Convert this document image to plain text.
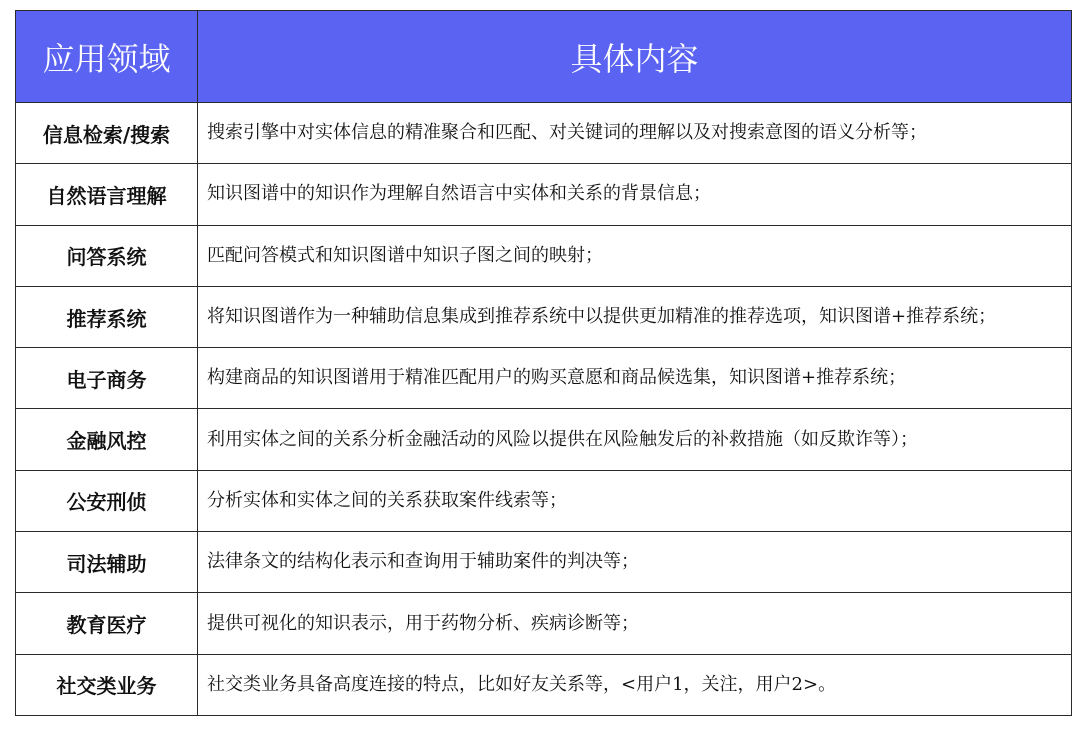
应用领域	具体内容
信息检索/搜索	搜索引擎中对实体信息的精准聚合和匹配、对关键词的理解以及对搜索意图的语义分析等；
自然语言理解	知识图谱中的知识作为理解自然语言中实体和关系的背景信息；
问答系统	匹配问答模式和知识图谱中知识子图之间的映射；
推荐系统	将知识图谱作为一种辅助信息集成到推荐系统中以提供更加精准的推荐选项，知识图谱+推荐系统；
电子商务	构建商品的知识图谱用于精准匹配用户的购买意愿和商品候选集，知识图谱+推荐系统；
金融风控	利用实体之间的关系分析金融活动的风险以提供在风险触发后的补救措施（如反欺诈等）；
公安刑侦	分析实体和实体之间的关系获取案件线索等；
司法辅助	法律条文的结构化表示和查询用于辅助案件的判决等；
教育医疗	提供可视化的知识表示，用于药物分析、疾病诊断等；
社交类业务	社交类业务具备高度连接的特点，比如好友关系等，<用户1，关注，用户2>。
